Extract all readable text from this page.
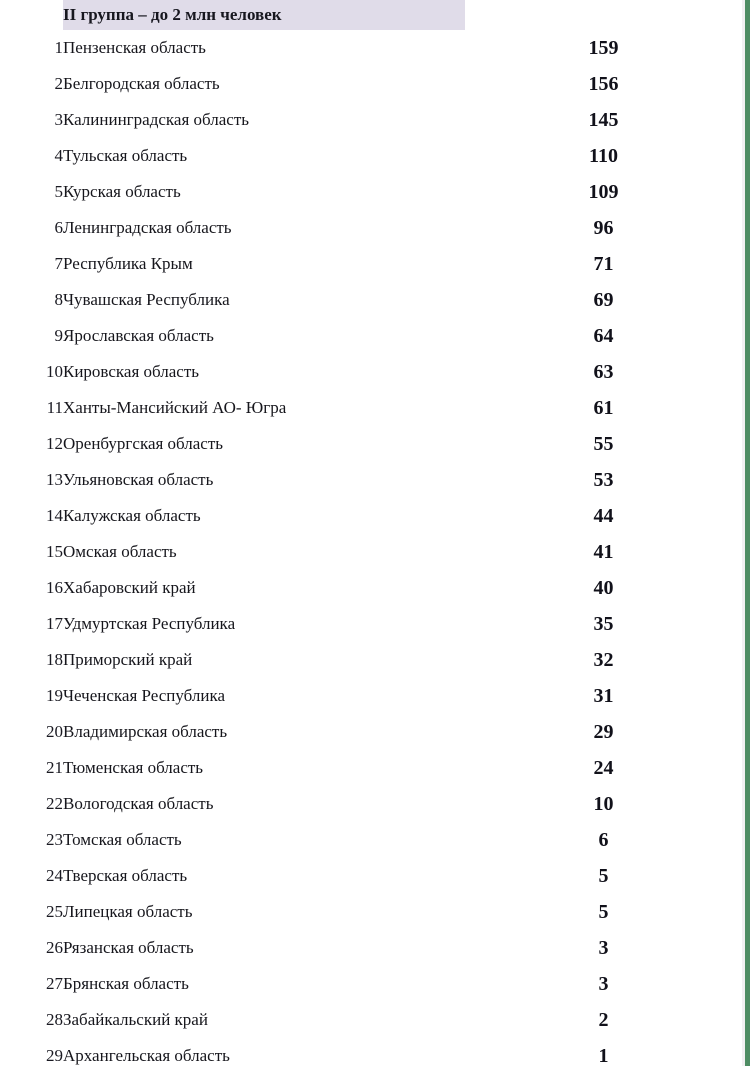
	II группа – до 2 млн человек	
1	Пензенская область	159
2	Белгородская область	156
3	Калининградская область	145
4	Тульская область	110
5	Курская область	109
6	Ленинградская область	96
7	Республика Крым	71
8	Чувашская Республика	69
9	Ярославская область	64
10	Кировская область	63
11	Ханты-Мансийский АО- Югра	61
12	Оренбургская область	55
13	Ульяновская область	53
14	Калужская область	44
15	Омская область	41
16	Хабаровский край	40
17	Удмуртская Республика	35
18	Приморский край	32
19	Чеченская Республика	31
20	Владимирская область	29
21	Тюменская область	24
22	Вологодская область	10
23	Томская область	6
24	Тверская область	5
25	Липецкая область	5
26	Рязанская область	3
27	Брянская область	3
28	Забайкальский край	2
29	Архангельская область	1
